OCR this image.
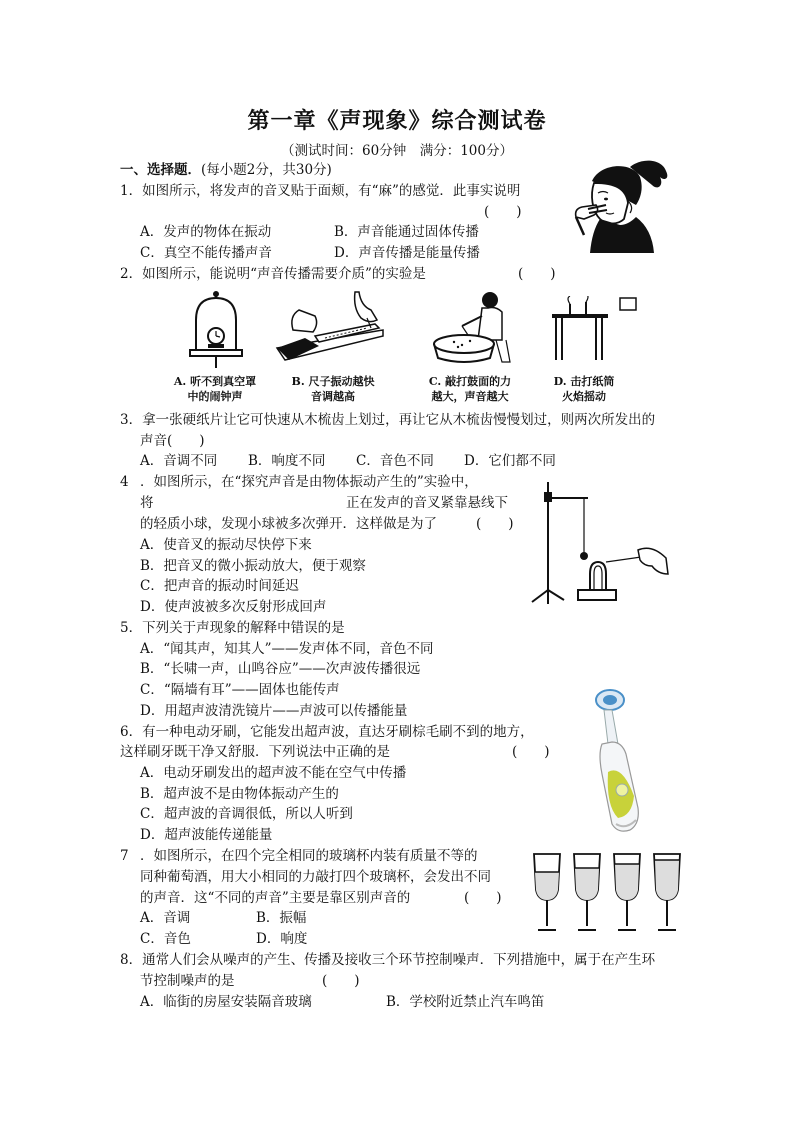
第一章《声现象》综合测试卷
（测试时间：60分钟　满分：100分）
一、选择题．(每小题2分，共30分)
1．如图所示，将发声的音叉贴于面颊，有“麻”的感觉．此事实说明
(　　)
A．发声的物体在振动	B．声音能通过固体传播
C．真空不能传播声音	D．声音传播是能量传播
2．如图所示，能说明“声音传播需要介质”的实验是	(　　)
A. 听不到真空罩
中的闹钟声
B. 尺子振动越快
音调越高
C. 敲打鼓面的力
越大，声音越大
D. 击打纸筒
火焰摇动
3．拿一张硬纸片让它可快速从木梳齿上划过，再让它从木梳齿慢慢划过，则两次所发出的
声音(　　)
A．音调不同 B．响度不同 C．音色不同 D．它们都不同
4 ．如图所示，在“探究声音是由物体振动产生的”实验中，
将	正在发声的音叉紧靠悬线下
的轻质小球，发现小球被多次弹开．这样做是为了	(　　)
A．使音叉的振动尽快停下来
B．把音叉的微小振动放大，便于观察
C．把声音的振动时间延迟
D．使声波被多次反射形成回声
5．下列关于声现象的解释中错误的是
A．“闻其声，知其人”——发声体不同，音色不同
B．“长啸一声，山鸣谷应”——次声波传播很远
C．“隔墙有耳”——固体也能传声
D．用超声波清洗镜片——声波可以传播能量
6．有一种电动牙刷，它能发出超声波，直达牙刷棕毛刷不到的地方，
这样刷牙既干净又舒服．下列说法中正确的是	(　　)
A．电动牙刷发出的超声波不能在空气中传播
B．超声波不是由物体振动产生的
C．超声波的音调很低，所以人听到
D．超声波能传递能量
7 ．如图所示，在四个完全相同的玻璃杯内装有质量不等的
同种葡萄酒，用大小相同的力敲打四个玻璃杯，会发出不同
的声音．这“不同的声音”主要是靠区别声音的	(　　)
A．音调	B．振幅
C．音色	D．响度
8．通常人们会从噪声的产生、传播及接收三个环节控制噪声．下列措施中，属于在产生环
节控制噪声的是	(　　)
A．临街的房屋安装隔音玻璃	B．学校附近禁止汽车鸣笛
